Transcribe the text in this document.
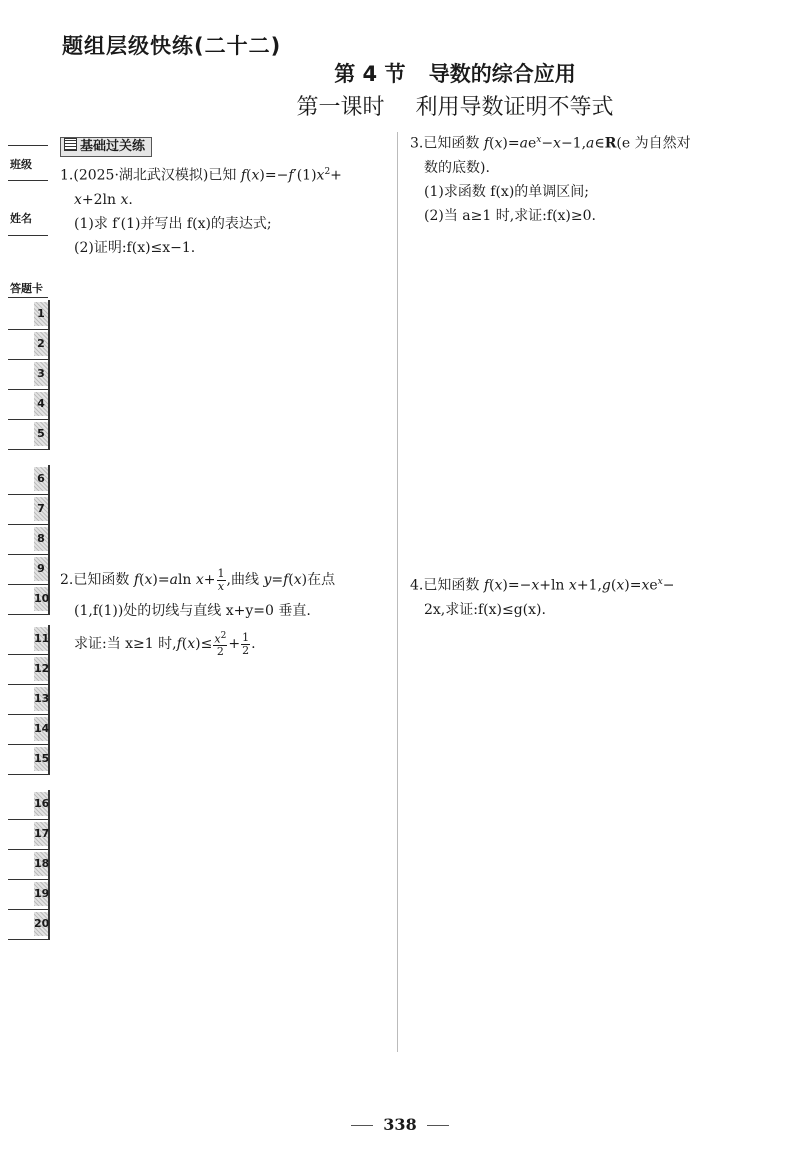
题组层级快练(二十二)
第 4 节 导数的综合应用
第一课时 利用导数证明不等式
班级
姓名
答题卡
1
2
3
4
5
6
7
8
9
10
11
12
13
14
15
16
17
18
19
20
基础过关练
1.(2025·湖北武汉模拟)已知 $f(x)=-f'(1)x^2+$
x+2ln x.
(1)求 f′(1)并写出 f(x)的表达式;
(2)证明:f(x)≤x−1.
2.已知函数 f(x)=aln $x+ \frac{1}{x}$ ,曲线 y=f(x)在点
(1,f(1))处的切线与直线 x+y=0 垂直.
求证:当 x≥1 时$,f(x)\le \frac{x^2}{2} + \frac{1}{2}$ .
3.已知函数 $f(x)=ae^x-x-1,a\in R(e$ 为自然对
数的底数).
(1)求函数 f(x)的单调区间;
(2)当 a≥1 时,求证:f(x)≥0.
4.已知函数 f(x)=−x+ln $x+1,g(x)=xe^x-$
2x,求证:f(x)≤g(x).
338
